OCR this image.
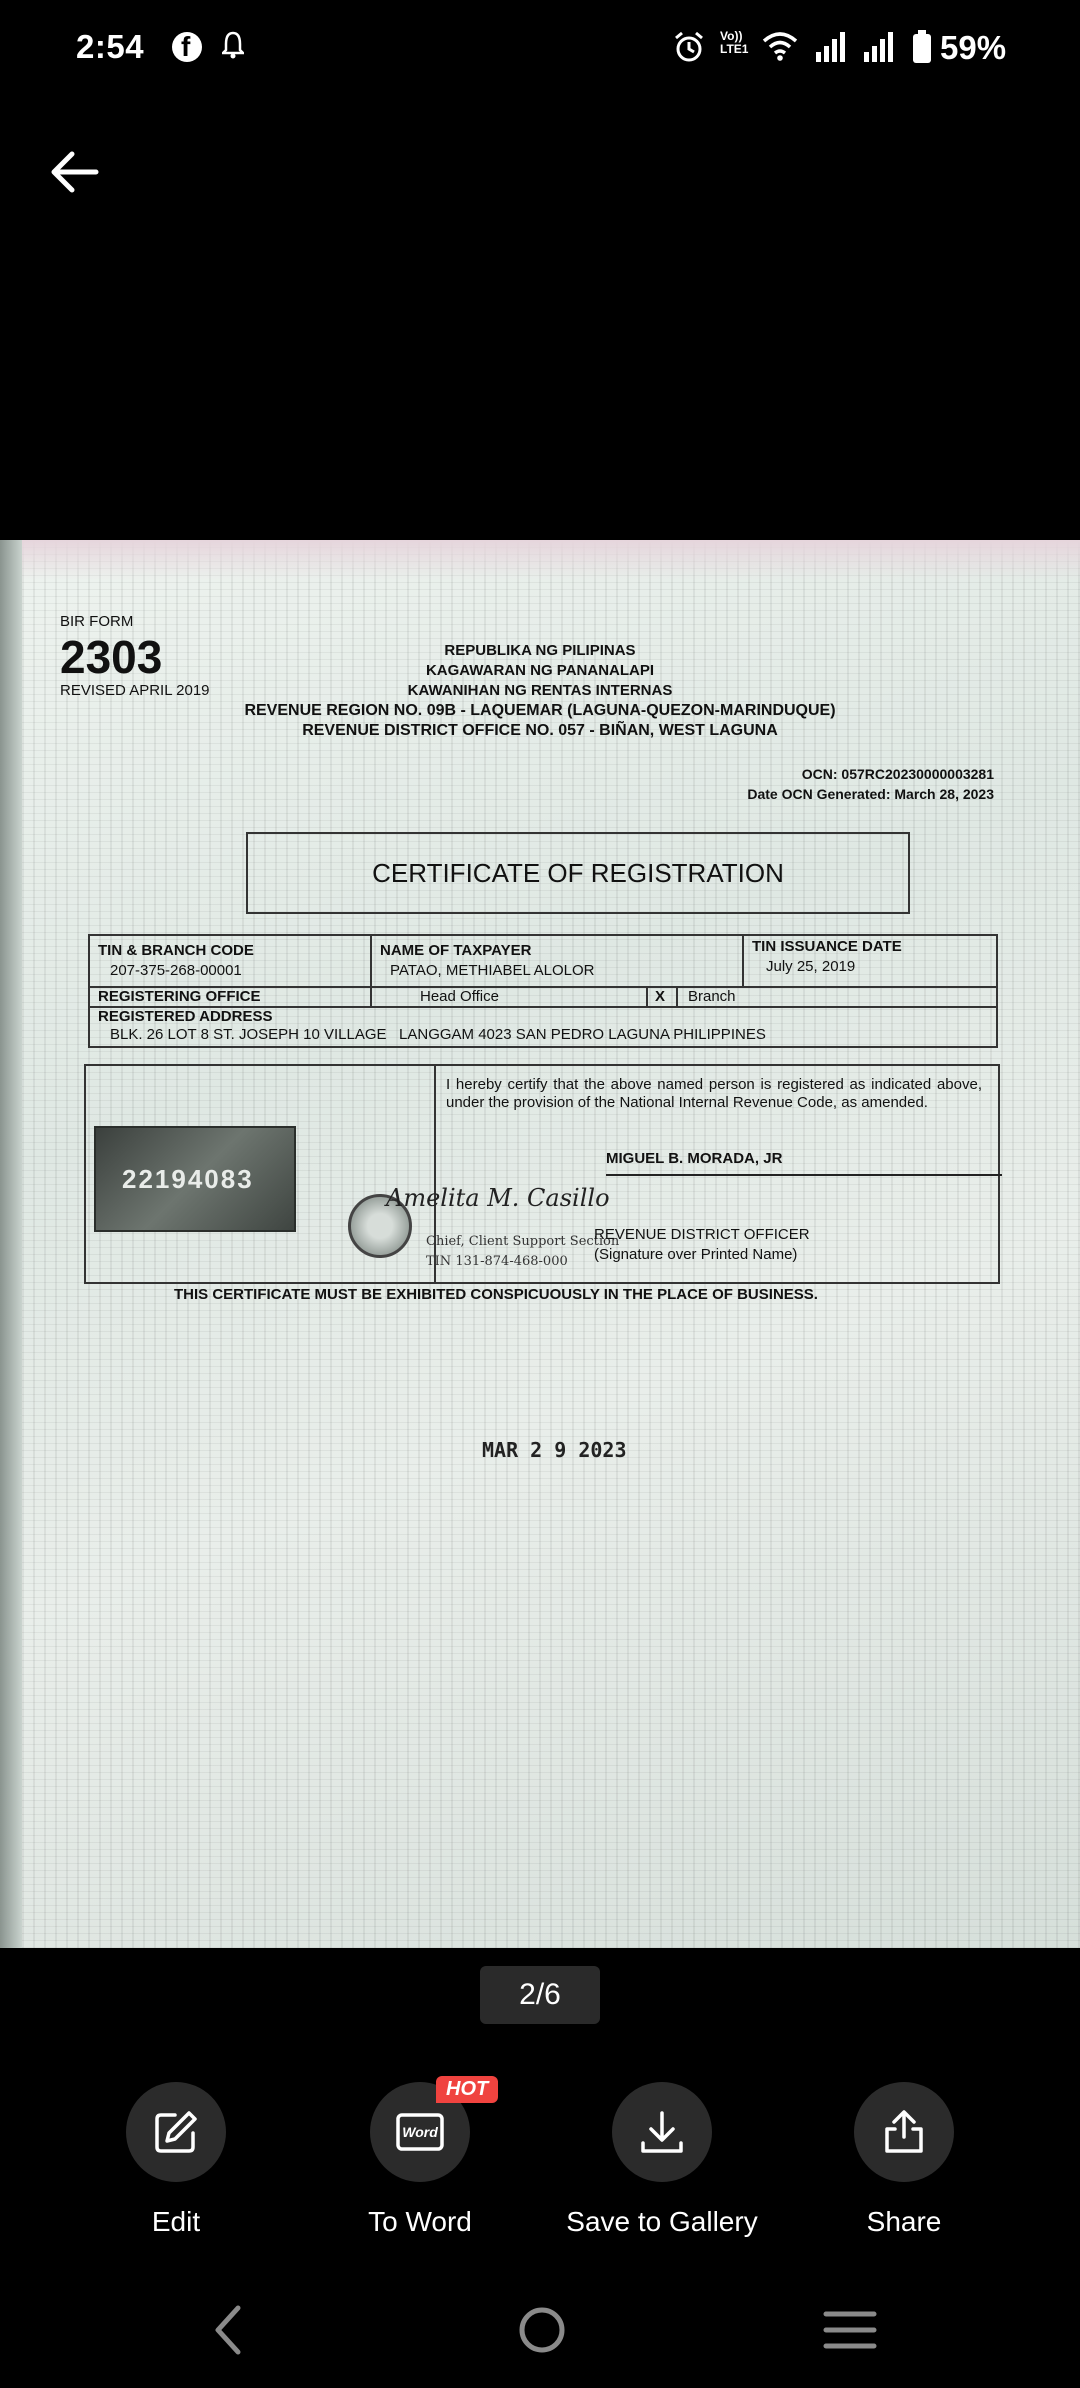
2:54 f	Vo))
LTE1	59%
BIR FORM
2303
REVISED APRIL 2019
REPUBLIKA NG PILIPINAS
KAGAWARAN NG PANANALAPI
KAWANIHAN NG RENTAS INTERNAS
REVENUE REGION NO. 09B - LAQUEMAR (LAGUNA-QUEZON-MARINDUQUE)
REVENUE DISTRICT OFFICE NO. 057 - BIÑAN, WEST LAGUNA
OCN: 057RC20230000003281
Date OCN Generated: March 28, 2023
CERTIFICATE OF REGISTRATION
TIN & BRANCH CODE
207-375-268-00001
NAME OF TAXPAYER
PATAO, METHIABEL ALOLOR
TIN ISSUANCE DATE
July 25, 2019
REGISTERING OFFICE	Head Office	X Branch
REGISTERED ADDRESS
BLK. 26 LOT 8 ST. JOSEPH 10 VILLAGE   LANGGAM 4023 SAN PEDRO LAGUNA PHILIPPINES
I hereby certify that the above named person is registered as indicated above, under the provision of the National Internal Revenue Code, as amended.
22194083
Amelita M. Casillo
Chief, Client Support Section
TIN 131-874-468-000
MIGUEL B. MORADA, JR
REVENUE DISTRICT OFFICER
(Signature over Printed Name)
THIS CERTIFICATE MUST BE EXHIBITED CONSPICUOUSLY IN THE PLACE OF BUSINESS.
MAR 2 9 2023
2/6
Edit
Word
HOT
To Word	Save to Gallery	Share
